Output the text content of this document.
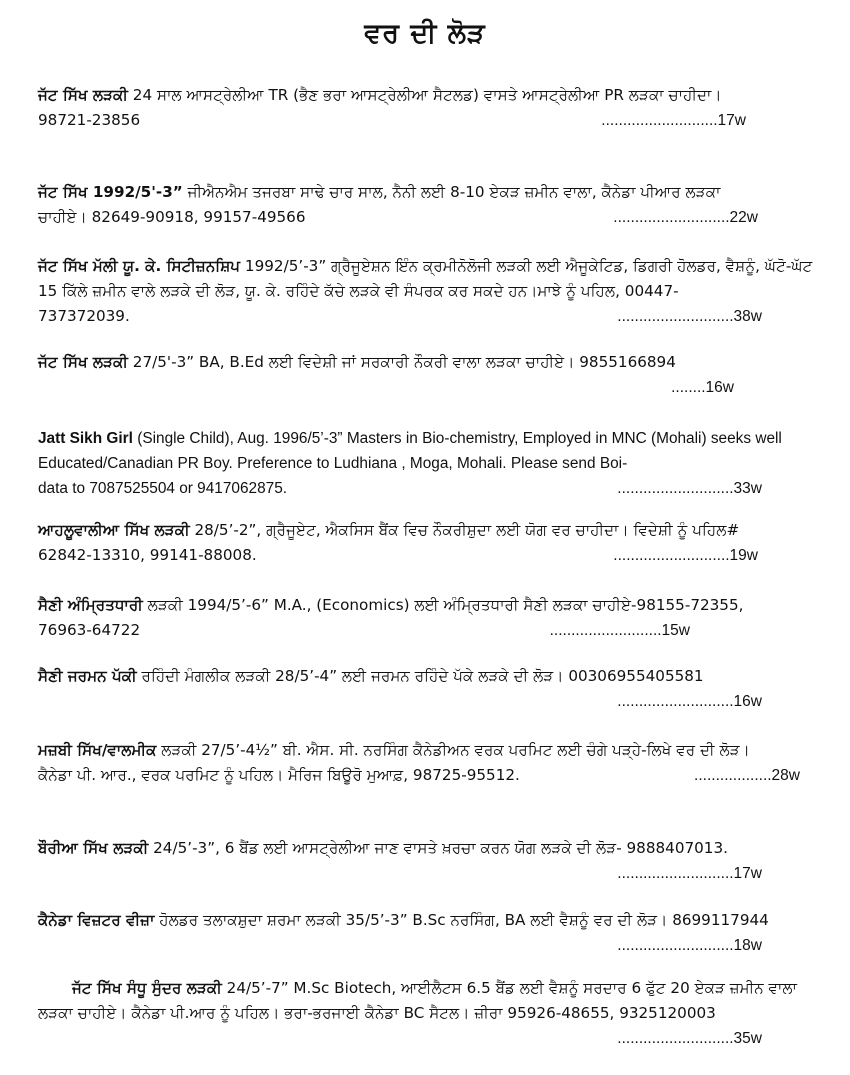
ਵਰ ਦੀ ਲੋੜ

ਜੱਟ ਸਿੱਖ ਲੜਕੀ 24 ਸਾਲ ਆਸਟ੍ਰੇਲੀਆ TR (ਭੈਣ ਭਰਾ ਆਸਟ੍ਰੇਲੀਆ ਸੈਟਲਡ) ਵਾਸਤੇ ਆਸਟ੍ਰੇਲੀਆ PR ਲੜਕਾ ਚਾਹੀਦਾ।

98721-23856	...........................17w

ਜੱਟ ਸਿੱਖ 1992/5'-3” ਜੀਐਨਐਮ ਤਜਰਬਾ ਸਾਢੇ ਚਾਰ ਸਾਲ, ਨੈਨੀ ਲਈ 8-10 ਏਕੜ ਜ਼ਮੀਨ ਵਾਲਾ, ਕੈਨੇਡਾ ਪੀਆਰ ਲੜਕਾ

ਚਾਹੀਏ। 82649-90918, 99157-49566	...........................22w

ਜੱਟ ਸਿੱਖ ਮੱਲੀ ਯੂ. ਕੇ. ਸਿਟੀਜ਼ਨਸ਼ਿਪ 1992/5’-3” ਗ੍ਰੈਜੂਏਸ਼ਨ ਇੰਨ ਕ੍ਰਮੀਨੋਲੋਜੀ ਲੜਕੀ ਲਈ ਐਜੂਕੇਟਿਡ, ਡਿਗਰੀ ਹੋਲਡਰ, ਵੈਸ਼ਨੂੰ, ਘੱਟੋ-ਘੱਟ 15 ਕਿੱਲੇ ਜ਼ਮੀਨ ਵਾਲੇ ਲੜਕੇ ਦੀ ਲੋੜ, ਯੂ. ਕੇ. ਰਹਿੰਦੇ ਕੱਚੇ ਲੜਕੇ ਵੀ ਸੰਪਰਕ ਕਰ ਸਕਦੇ ਹਨ।ਮਾਝੇ ਨੂੰ ਪਹਿਲ, 00447-

737372039.	...........................38w

ਜੱਟ ਸਿੱਖ ਲੜਕੀ 27/5'-3” BA, B.Ed ਲਈ ਵਿਦੇਸ਼ੀ ਜਾਂ ਸਰਕਾਰੀ ਨੌਕਰੀ ਵਾਲਾ ਲੜਕਾ ਚਾਹੀਏ। 9855166894

........16w

Jatt Sikh Girl (Single Child), Aug. 1996/5’-3” Masters in Bio-chemistry, Employed in MNC (Mohali) seeks well Educated/Canadian PR Boy. Preference to Ludhiana , Moga, Mohali. Please send Boi-

data to 7087525504 or 9417062875.	...........................33w

ਆਹਲੂਵਾਲੀਆ ਸਿੱਖ ਲੜਕੀ 28/5’-2”, ਗ੍ਰੈਜੂਏਟ, ਐਕਸਿਸ ਬੈਂਕ ਵਿਚ ਨੌਕਰੀਸ਼ੁਦਾ ਲਈ ਯੋਗ ਵਰ ਚਾਹੀਦਾ। ਵਿਦੇਸ਼ੀ ਨੂੰ ਪਹਿਲ#

62842-13310, 99141-88008.	...........................19w

ਸੈਣੀ ਅੰਮ੍ਰਿਤਧਾਰੀ ਲੜਕੀ 1994/5’-6” M.A., (Economics) ਲਈ ਅੰਮ੍ਰਿਤਧਾਰੀ ਸੈਣੀ ਲੜਕਾ ਚਾਹੀਏ-98155-72355,

76963-64722	..........................15w

ਸੈਣੀ ਜਰਮਨ ਪੱਕੀ ਰਹਿੰਦੀ ਮੰਗਲੀਕ ਲੜਕੀ 28/5’-4” ਲਈ ਜਰਮਨ ਰਹਿੰਦੇ ਪੱਕੇ ਲੜਕੇ ਦੀ ਲੋੜ। 00306955405581

...........................16w

ਮਜ਼ਬੀ ਸਿੱਖ/ਵਾਲਮੀਕ ਲੜਕੀ 27/5’-4½” ਬੀ. ਐਸ. ਸੀ. ਨਰਸਿੰਗ ਕੈਨੇਡੀਅਨ ਵਰਕ ਪਰਮਿਟ ਲਈ ਚੰਗੇ ਪੜ੍ਹੇ-ਲਿਖੇ ਵਰ ਦੀ ਲੋੜ।

ਕੈਨੇਡਾ ਪੀ. ਆਰ., ਵਰਕ ਪਰਮਿਟ ਨੂੰ ਪਹਿਲ। ਮੈਰਿਜ ਬਿਊਰੋ ਮੁਆਫ਼, 98725-95512.	..................28w

ਬੌਰੀਆ ਸਿੱਖ ਲੜਕੀ 24/5’-3”, 6 ਬੈਂਡ ਲਈ ਆਸਟ੍ਰੇਲੀਆ ਜਾਣ ਵਾਸਤੇ ਖ਼ਰਚਾ ਕਰਨ ਯੋਗ ਲੜਕੇ ਦੀ ਲੋੜ- 9888407013.

...........................17w

ਕੈਨੇਡਾ ਵਿਜ਼ਟਰ ਵੀਜ਼ਾ ਹੋਲਡਰ ਤਲਾਕਸ਼ੁਦਾ ਸ਼ਰਮਾ ਲੜਕੀ 35/5’-3” B.Sc ਨਰਸਿੰਗ, BA ਲਈ ਵੈਸ਼ਨੂੰ ਵਰ ਦੀ ਲੋੜ। 8699117944

...........................18w

ਜੱਟ ਸਿੱਖ ਸੰਧੂ ਸੁੰਦਰ ਲੜਕੀ 24/5’-7” M.Sc Biotech, ਆਈਲੈਟਸ 6.5 ਬੈਂਡ ਲਈ ਵੈਸ਼ਨੂੰ ਸਰਦਾਰ 6 ਫੁੱਟ 20 ਏਕੜ ਜ਼ਮੀਨ ਵਾਲਾ ਲੜਕਾ ਚਾਹੀਏ। ਕੈਨੇਡਾ ਪੀ.ਆਰ ਨੂੰ ਪਹਿਲ। ਭਰਾ-ਭਰਜਾਈ ਕੈਨੇਡਾ BC ਸੈਟਲ। ਜ਼ੀਰਾ 95926-48655, 9325120003

...........................35w
